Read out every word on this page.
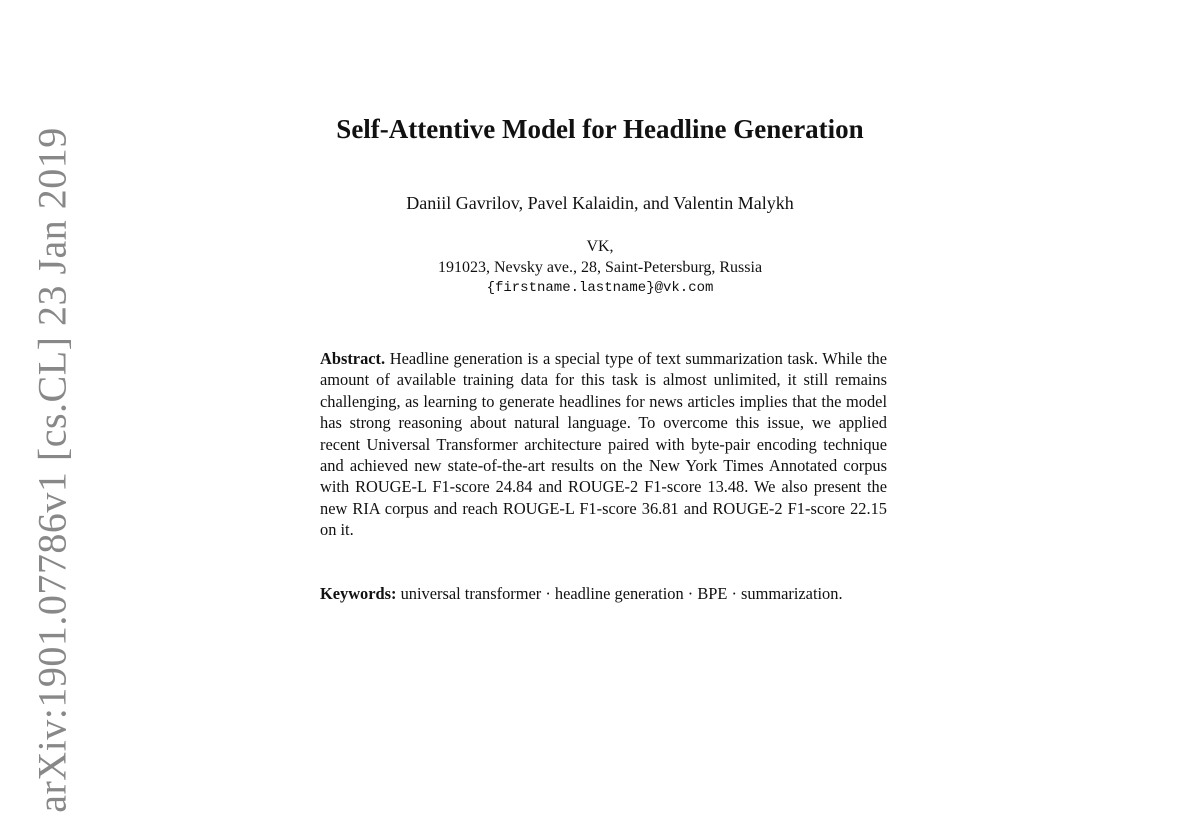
arXiv:1901.07786v1 [cs.CL] 23 Jan 2019	Self-Attentive Model for Headline Generation
Daniil Gavrilov, Pavel Kalaidin, and Valentin Malykh
VK,
191023, Nevsky ave., 28, Saint-Petersburg, Russia
{firstname.lastname}@vk.com
Abstract. Headline generation is a special type of text summarization task. While the amount of available training data for this task is almost unlimited, it still remains challenging, as learning to generate headlines for news articles implies that the model has strong reasoning about natural language. To overcome this issue, we applied recent Universal Transformer architecture paired with byte-pair encoding technique and achieved new state-of-the-art results on the New York Times Annotated corpus with ROUGE-L F1-score 24.84 and ROUGE-2 F1-score 13.48. We also present the new RIA corpus and reach ROUGE-L F1-score 36.81 and ROUGE-2 F1-score 22.15 on it.
Keywords: universal transformer · headline generation · BPE · summarization.
